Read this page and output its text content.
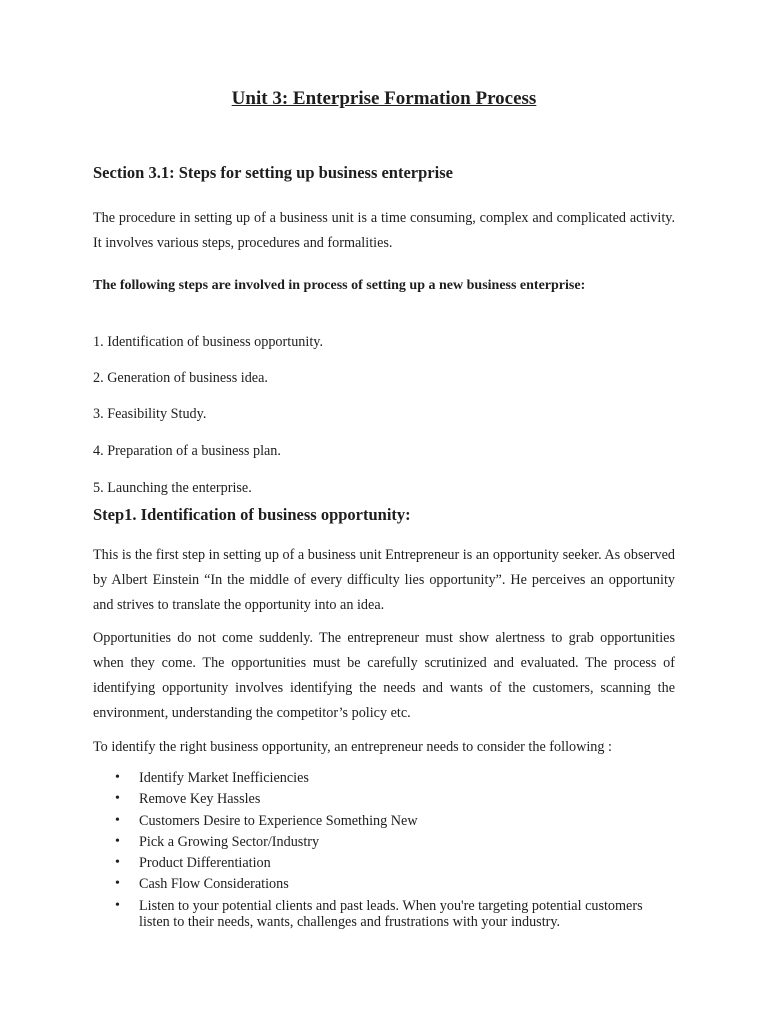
Unit 3: Enterprise Formation Process
Section 3.1: Steps for setting up business enterprise

The procedure in setting up of a business unit is a time consuming, complex and complicated activity. It involves various steps, procedures and formalities.

The following steps are involved in process of setting up a new business enterprise:

1. Identification of business opportunity.

2. Generation of business idea.

3. Feasibility Study.

4. Preparation of a business plan.

5. Launching the enterprise.

Step1. Identification of business opportunity:

This is the first step in setting up of a business unit Entrepreneur is an opportunity seeker. As observed by Albert Einstein “In the middle of every difficulty lies opportunity”. He perceives an opportunity and strives to translate the opportunity into an idea.

Opportunities do not come suddenly. The entrepreneur must show alertness to grab opportunities when they come. The opportunities must be carefully scrutinized and evaluated. The process of identifying opportunity involves identifying the needs and wants of the customers, scanning the environment, understanding the competitor’s policy etc.

To identify the right business opportunity, an entrepreneur needs to consider the following :

• Identify Market Inefficiencies
• Remove Key Hassles
• Customers Desire to Experience Something New
• Pick a Growing Sector/Industry
• Product Differentiation
• Cash Flow Considerations
• Listen to your potential clients and past leads. When you're targeting potential customers listen to their needs, wants, challenges and frustrations with your industry.
